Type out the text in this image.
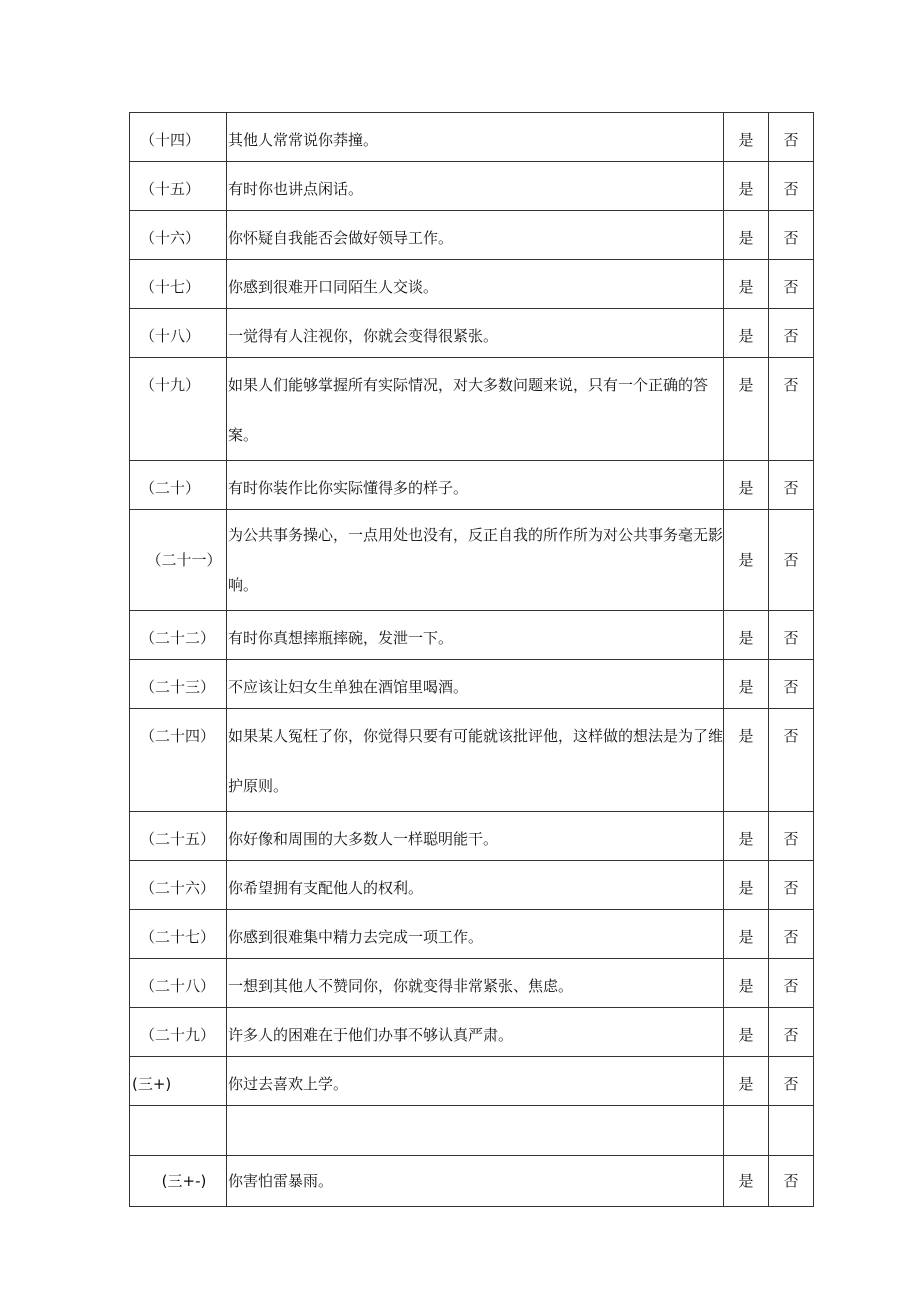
（十四）	其他人常常说你莽撞。	是	否

（十五）	有时你也讲点闲话。	是	否

（十六）	你怀疑自我能否会做好领导工作。	是	否

（十七）	你感到很难开口同陌生人交谈。	是	否

（十八）	一觉得有人注视你，你就会变得很紧张。	是	否

（十九）	如果人们能够掌握所有实际情况，对大多数问题来说，只有一个正确的答案。	是	否

（二十）	有时你装作比你实际懂得多的样子。	是	否

（二十一）	为公共事务操心，一点用处也没有，反正自我的所作所为对公共事务毫无影响。	是	否

（二十二）	有时你真想摔瓶摔碗，发泄一下。	是	否

（二十三）	不应该让妇女生单独在酒馆里喝酒。	是	否

（二十四）	如果某人冤枉了你，你觉得只要有可能就该批评他，这样做的想法是为了维护原则。	是	否

（二十五）	你好像和周围的大多数人一样聪明能干。	是	否

（二十六）	你希望拥有支配他人的权利。	是	否

（二十七）	你感到很难集中精力去完成一项工作。	是	否

（二十八）	一想到其他人不赞同你，你就变得非常紧张、焦虑。	是	否

（二十九）	许多人的困难在于他们办事不够认真严肃。	是	否

(三+)	你过去喜欢上学。	是	否

(三+-)	你害怕雷暴雨。	是	否
